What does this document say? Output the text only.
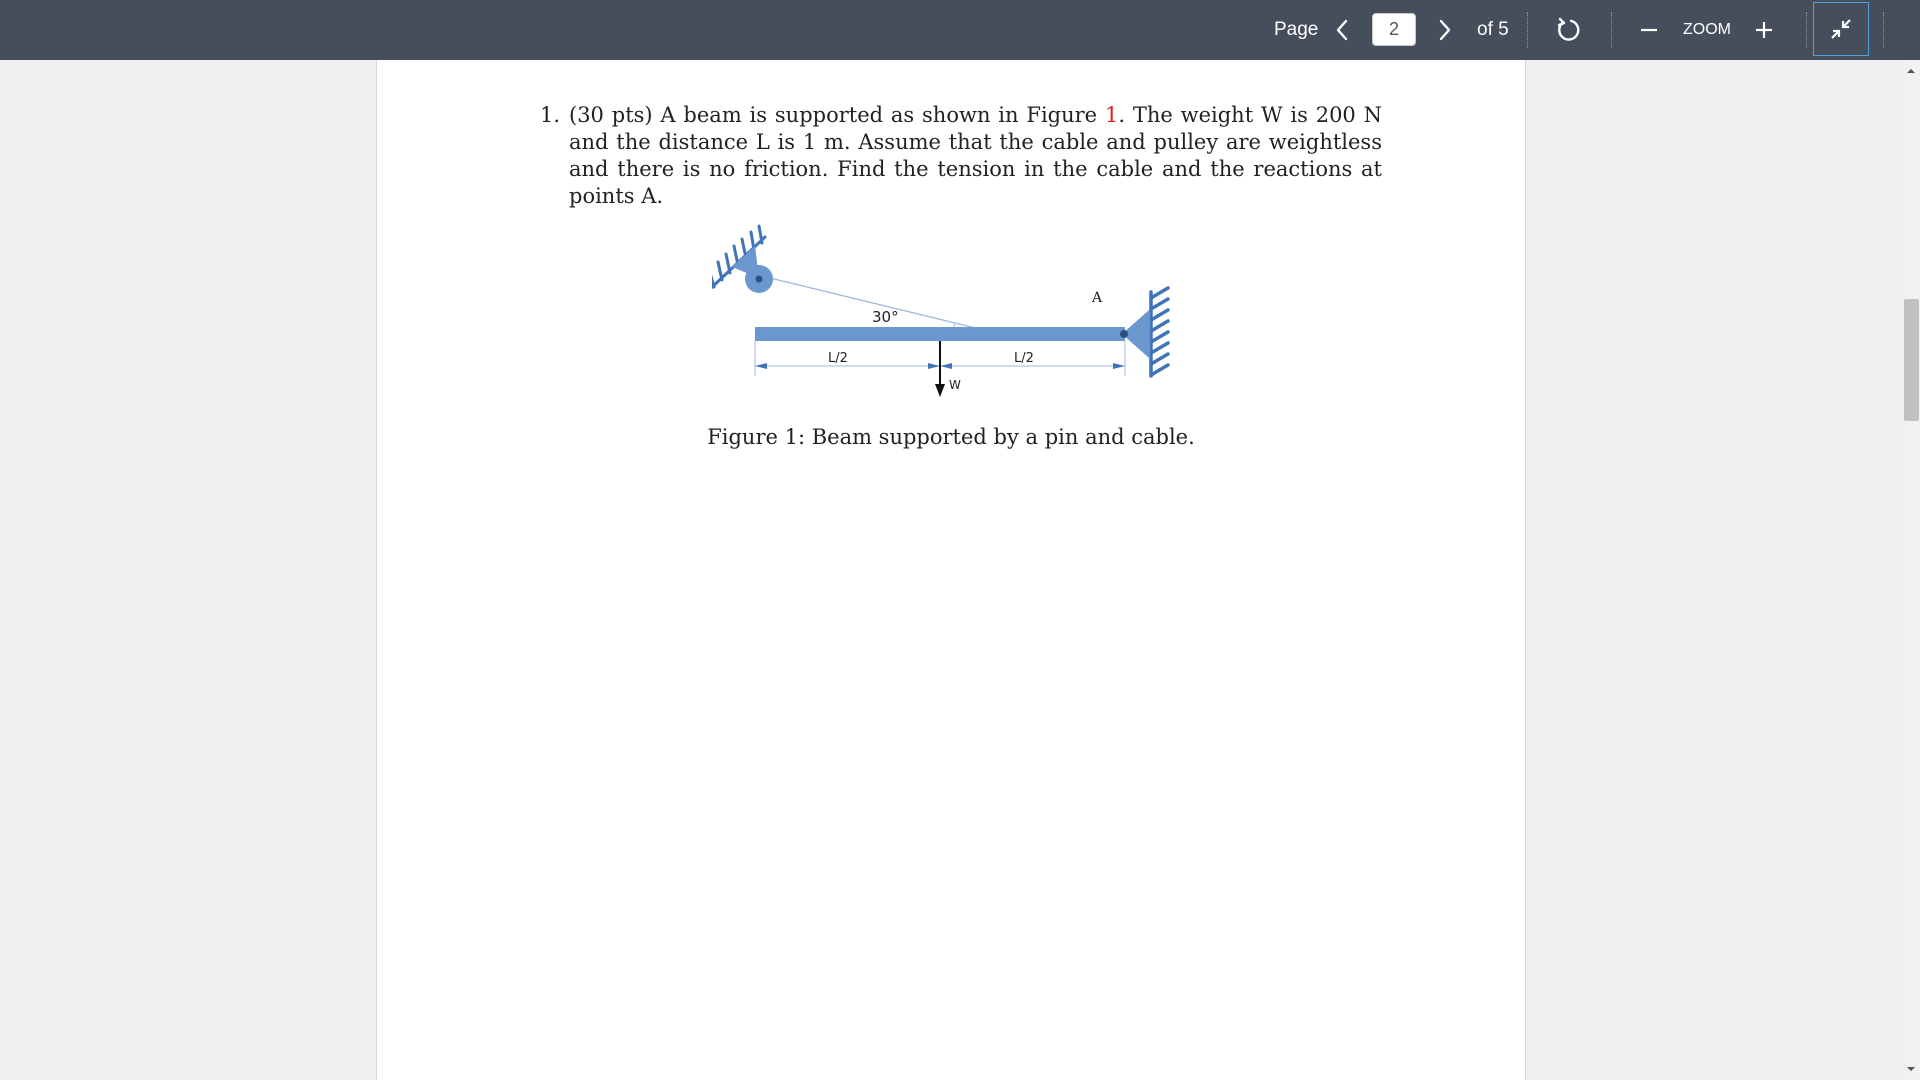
Page
2	of 5	ZOOM
1. (30 pts) A beam is supported as shown in Figure 1. The weight W is 200 N and the distance L is 1 m. Assume that the cable and pulley are weightless and there is no friction. Find the tension in the cable and the reactions at points A.
30°
A
L/2	L/2
W
Figure 1: Beam supported by a pin and cable.
